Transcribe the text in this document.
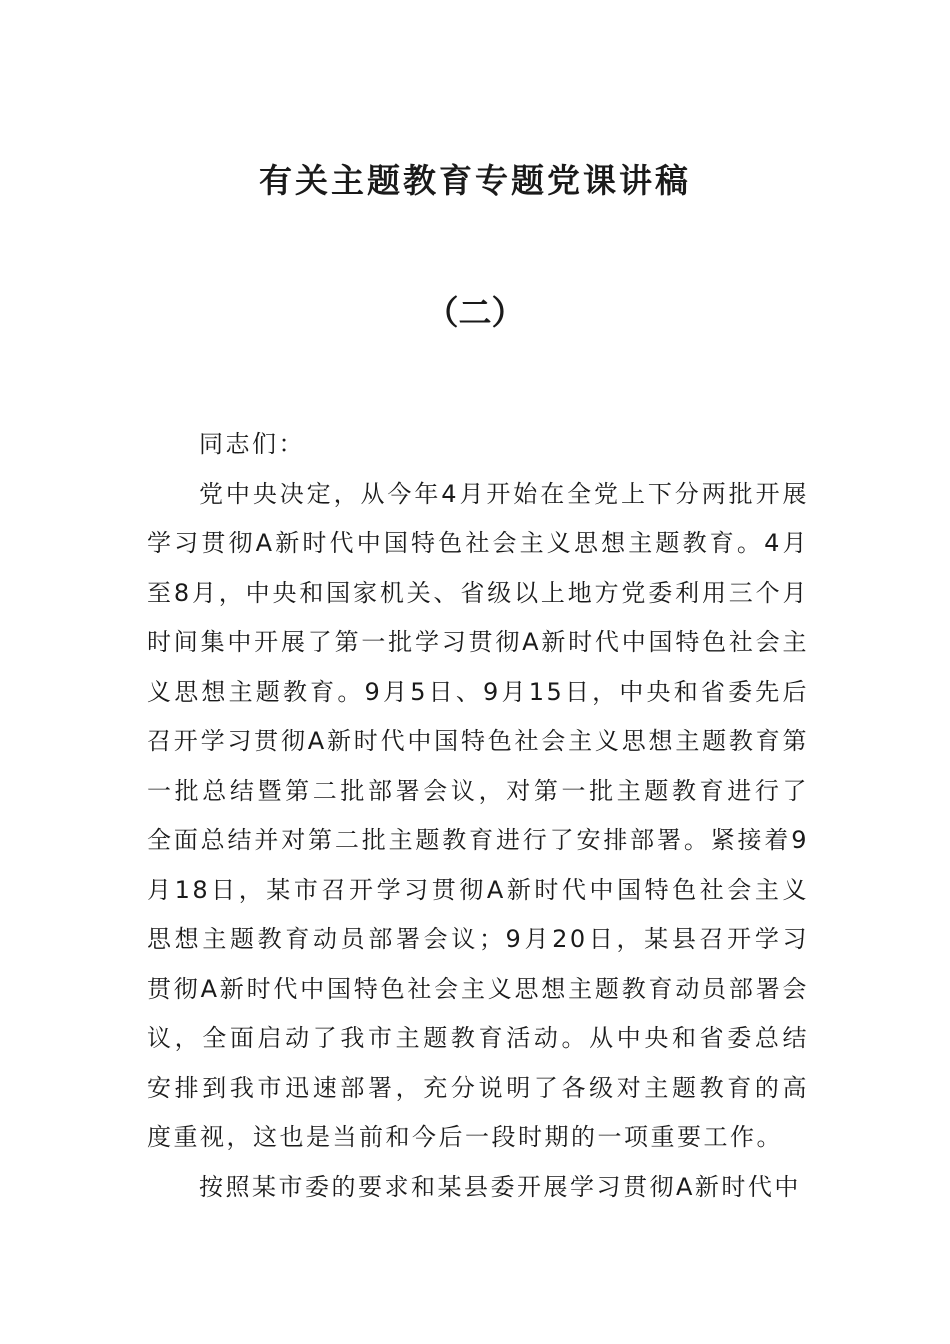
有关主题教育专题党课讲稿
（二）

同志们：

党中央决定，从今年4月开始在全党上下分两批开展学习贯彻A新时代中国特色社会主义思想主题教育。4月至8月，中央和国家机关、省级以上地方党委利用三个月时间集中开展了第一批学习贯彻A新时代中国特色社会主义思想主题教育。9月5日、9月15日，中央和省委先后召开学习贯彻A新时代中国特色社会主义思想主题教育第一批总结暨第二批部署会议，对第一批主题教育进行了全面总结并对第二批主题教育进行了安排部署。紧接着9月18日，某市召开学习贯彻A新时代中国特色社会主义思想主题教育动员部署会议；9月20日，某县召开学习贯彻A新时代中国特色社会主义思想主题教育动员部署会议，全面启动了我市主题教育活动。从中央和省委总结安排到我市迅速部署，充分说明了各级对主题教育的高度重视，这也是当前和今后一段时期的一项重要工作。

按照某市委的要求和某县委开展学习贯彻A新时代中
